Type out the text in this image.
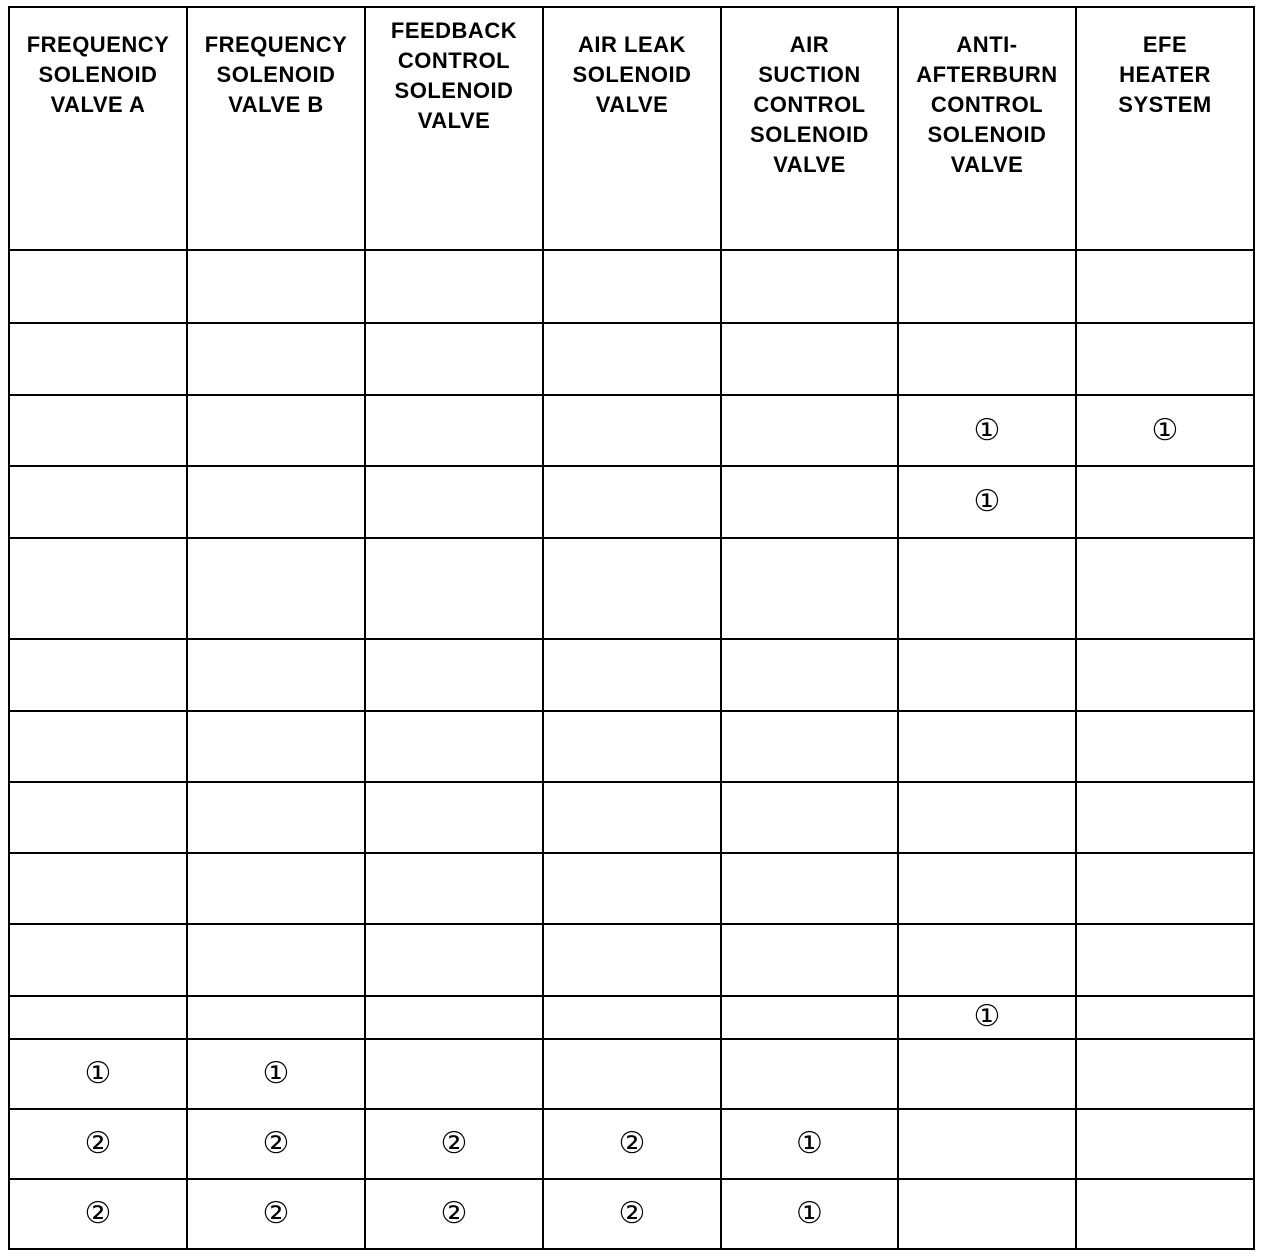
FREQUENCY
SOLENOID
VALVE A	FREQUENCY
SOLENOID
VALVE B	FEEDBACK
CONTROL
SOLENOID
VALVE	AIR LEAK
SOLENOID
VALVE	AIR
SUCTION
CONTROL
SOLENOID
VALVE	ANTI-
AFTERBURN
CONTROL
SOLENOID
VALVE	EFE
HEATER
SYSTEM

					①	①
					①	

					①	
①	①					
②	②	②	②	①		
②	②	②	②	①		
